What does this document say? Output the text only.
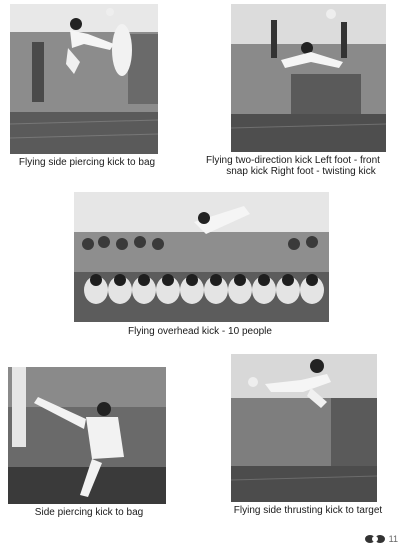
Flying side piercing kick to bag	Flying two-direction kick Left foot - front
snap kick Right foot - twisting kick
Flying overhead kick - 10 people
Side piercing kick to bag	Flying side thrusting kick to target
11
